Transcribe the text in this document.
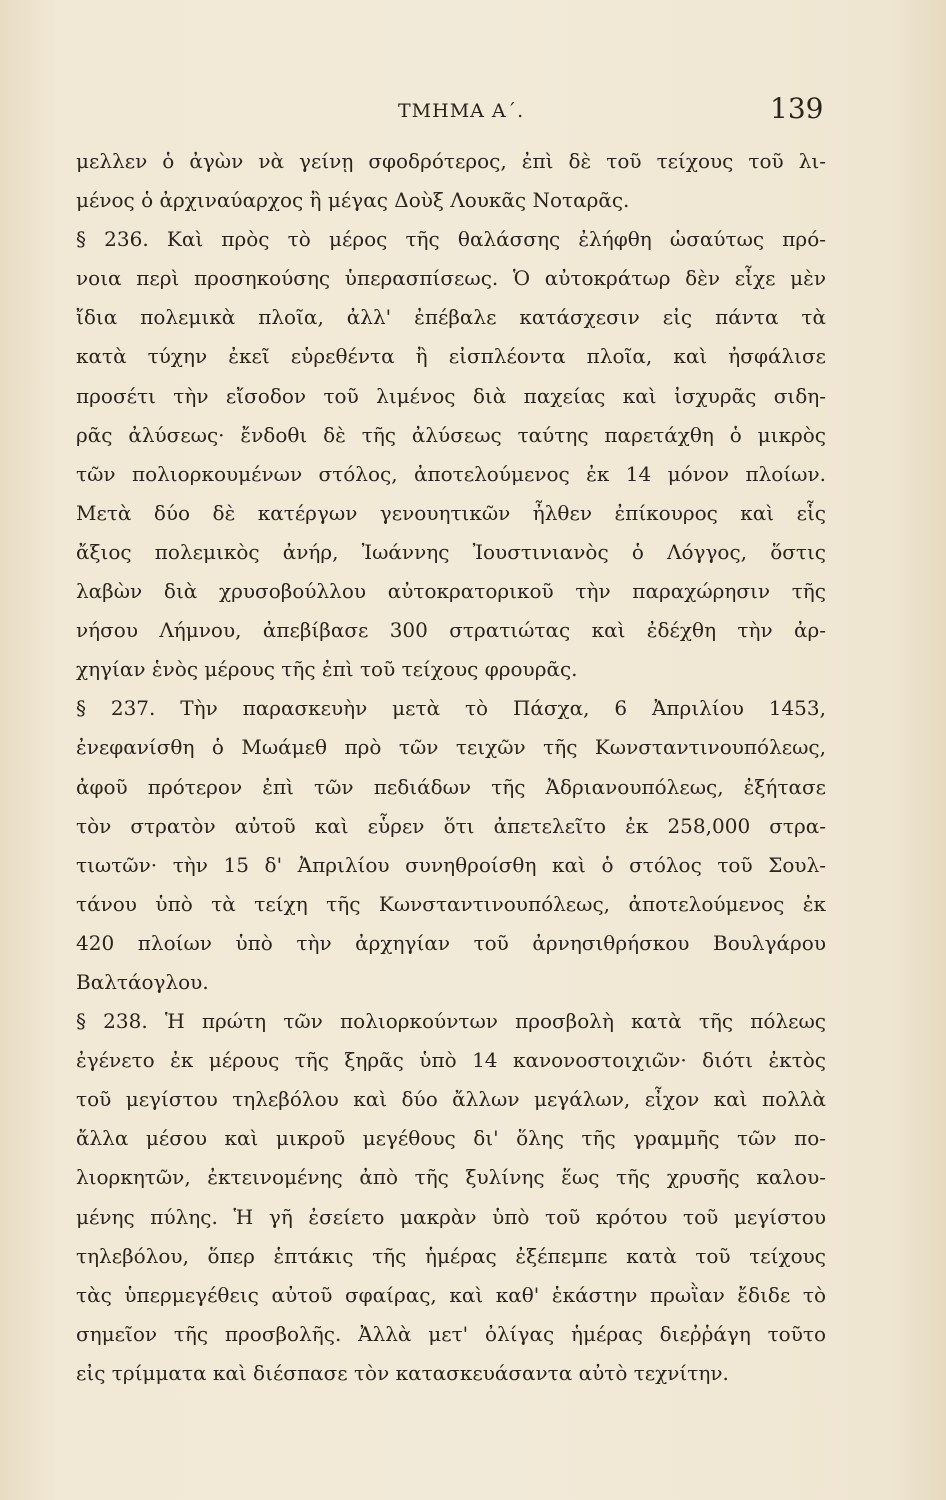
ΤΜΗΜΑ Α΄.	139
μελλεν ὁ ἀγὼν νὰ γείνῃ σφοδρότερος, ἐπὶ δὲ τοῦ τείχους τοῦ λι-
μένος ὁ ἀρχιναύαρχος ἢ μέγας Δοὺξ Λουκᾶς Νοταρᾶς.
§ 236. Καὶ πρὸς τὸ μέρος τῆς θαλάσσης ἐλήφθη ὡσαύτως πρό-
νοια περὶ προσηκούσης ὑπερασπίσεως. Ὁ αὐτοκράτωρ δὲν εἶχε μὲν
ἴδια πολεμικὰ πλοῖα, ἀλλ' ἐπέβαλε κατάσχεσιν εἰς πάντα τὰ
κατὰ τύχην ἐκεῖ εὑρεθέντα ἢ εἰσπλέοντα πλοῖα, καὶ ἠσφάλισε
προσέτι τὴν εἴσοδον τοῦ λιμένος διὰ παχείας καὶ ἰσχυρᾶς σιδη-
ρᾶς ἀλύσεως· ἔνδοθι δὲ τῆς ἀλύσεως ταύτης παρετάχθη ὁ μικρὸς
τῶν πολιορκουμένων στόλος, ἀποτελούμενος ἐκ 14 μόνον πλοίων.
Μετὰ δύο δὲ κατέργων γενουητικῶν ἦλθεν ἐπίκουρος καὶ εἷς
ἄξιος πολεμικὸς ἀνήρ, Ἰωάννης Ἰουστινιανὸς ὁ Λόγγος, ὅστις
λαβὼν διὰ χρυσοβούλλου αὐτοκρατορικοῦ τὴν παραχώρησιν τῆς
νήσου Λήμνου, ἀπεβίβασε 300 στρατιώτας καὶ ἐδέχθη τὴν ἀρ-
χηγίαν ἑνὸς μέρους τῆς ἐπὶ τοῦ τείχους φρουρᾶς.
§ 237. Τὴν παρασκευὴν μετὰ τὸ Πάσχα, 6 Ἀπριλίου 1453,
ἐνεφανίσθη ὁ Μωάμεθ πρὸ τῶν τειχῶν τῆς Κωνσταντινουπόλεως,
ἀφοῦ πρότερον ἐπὶ τῶν πεδιάδων τῆς Ἀδριανουπόλεως, ἐξήτασε
τὸν στρατὸν αὐτοῦ καὶ εὗρεν ὅτι ἀπετελεῖτο ἐκ 258,000 στρα-
τιωτῶν· τὴν 15 δ' Ἀπριλίου συνηθροίσθη καὶ ὁ στόλος τοῦ Σουλ-
τάνου ὑπὸ τὰ τείχη τῆς Κωνσταντινουπόλεως, ἀποτελούμενος ἐκ
420 πλοίων ὑπὸ τὴν ἀρχηγίαν τοῦ ἀρνησιθρήσκου Βουλγάρου
Βαλτάογλου.
§ 238. Ἡ πρώτη τῶν πολιορκούντων προσβολὴ κατὰ τῆς πόλεως
ἐγένετο ἐκ μέρους τῆς ξηρᾶς ὑπὸ 14 κανονοστοιχιῶν· διότι ἐκτὸς
τοῦ μεγίστου τηλεβόλου καὶ δύο ἄλλων μεγάλων, εἶχον καὶ πολλὰ
ἄλλα μέσου καὶ μικροῦ μεγέθους δι' ὅλης τῆς γραμμῆς τῶν πο-
λιορκητῶν, ἐκτεινομένης ἀπὸ τῆς ξυλίνης ἕως τῆς χρυσῆς καλου-
μένης πύλης. Ἡ γῆ ἐσείετο μακρὰν ὑπὸ τοῦ κρότου τοῦ μεγίστου
τηλεβόλου, ὅπερ ἑπτάκις τῆς ἡμέρας ἐξέπεμπε κατὰ τοῦ τείχους
τὰς ὑπερμεγέθεις αὐτοῦ σφαίρας, καὶ καθ' ἑκάστην πρωῒαν ἔδιδε τὸ
σημεῖον τῆς προσβολῆς. Ἀλλὰ μετ' ὀλίγας ἡμέρας διεῤῥάγη τοῦτο
εἰς τρίμματα καὶ διέσπασε τὸν κατασκευάσαντα αὐτὸ τεχνίτην.
